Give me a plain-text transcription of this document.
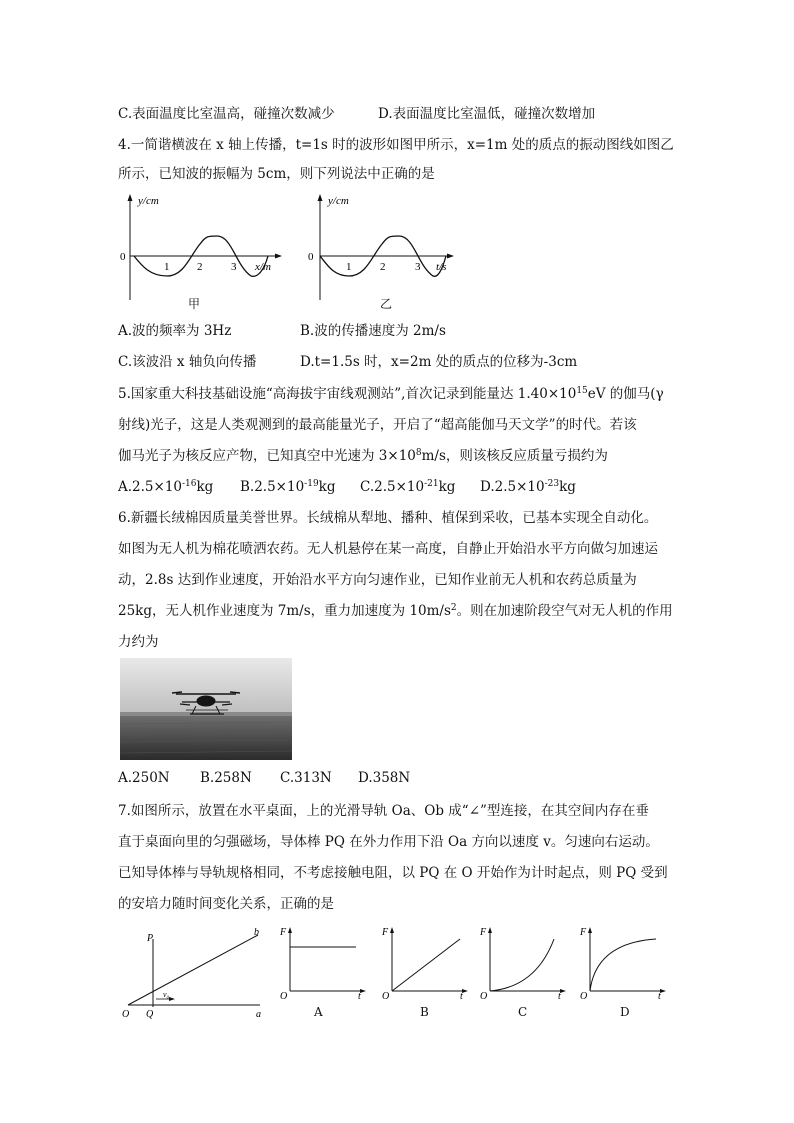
C.表面温度比室温高，碰撞次数减少	D.表面温度比室温低，碰撞次数增加
4.一简谐横波在 x 轴上传播，t=1s 时的波形如图甲所示，x=1m 处的质点的振动图线如图乙
所示，已知波的振幅为 5cm，则下列说法中正确的是
y/cm
0
1	2	3 x/m
甲
y/cm
0
1	2	3 t/s
乙
A.波的频率为 3Hz	B.波的传播速度为 2m/s
C.该波沿 x 轴负向传播	D.t=1.5s 时，x=2m 处的质点的位移为-3cm
5.国家重大科技基础设施“高海拔宇宙线观测站”,首次记录到能量达 $1.40\times 10^{15}eV$ 的伽马(γ
射线)光子，这是人类观测到的最高能量光子，开启了“超高能伽马天文学”的时代。若该
伽马光子为核反应产物，已知真空中光速为 $3\times 10^8m/s$，则该核反应质量亏损约为
$A.2.5\times 10^{-16}kg$ $B.2.5\times 10^{-19}kg$ $C.2.5\times 10^{-21}kg$ $D.2.5\times 10^{-23}kg$
6.新疆长绒棉因质量美誉世界。长绒棉从犁地、播种、植保到采收，已基本实现全自动化。
如图为无人机为棉花喷洒农药。无人机悬停在某一高度，自静止开始沿水平方向做匀加速运
动，2.8s 达到作业速度，开始沿水平方向匀速作业，已知作业前无人机和农药总质量为
25kg，无人机作业速度为 7m/s，重力加速度为 $10m/s^2$。则在加速阶段空气对无人机的作用
力约为
A.250N B.258N C.313N D.358N
7.如图所示，放置在水平桌面，上的光滑导轨 Oa、Ob 成“∠”型连接，在其空间内存在垂
直于桌面向里的匀强磁场，导体棒 PQ 在外力作用下沿 Oa 方向以速度 v。匀速向右运动。
已知导体棒与导轨规格相同，不考虑接触电阻，以 PQ 在 O 开始作为计时起点，则 PQ 受到
的安培力随时间变化关系，正确的是
P
Q
O	a
b
v₀
F
O	t
A
F
O	t
B
F
O	t
C
F
O	t
D
